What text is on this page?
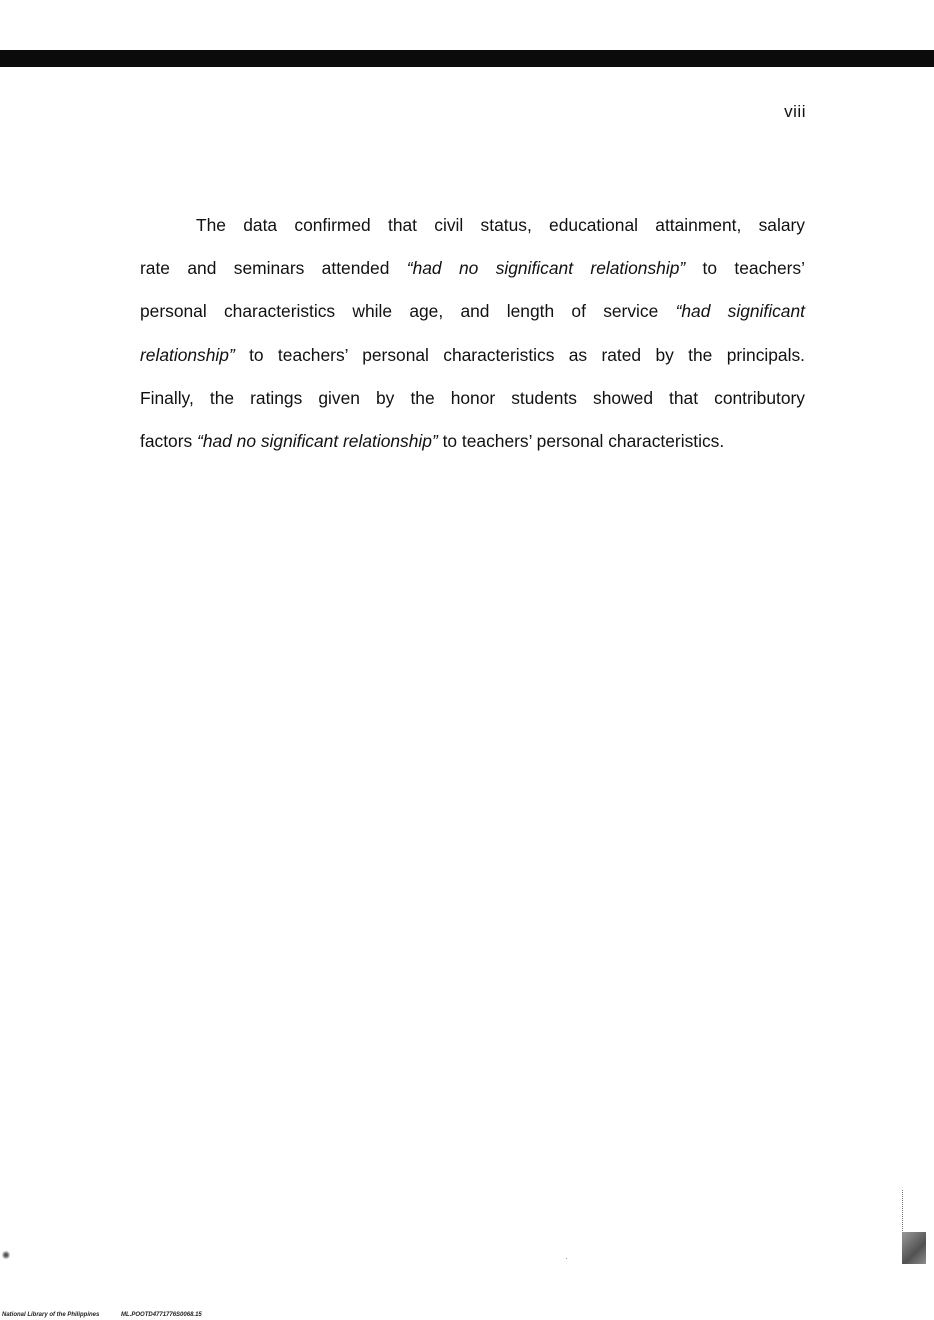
viii
The data confirmed that civil status, educational attainment, salary
rate and seminars attended “had no significant relationship” to teachers’
personal characteristics while age, and length of service “had significant
relationship” to teachers’ personal characteristics as rated by the principals.
Finally, the ratings given by the honor students showed that contributory
factors “had no significant relationship” to teachers’ personal characteristics.
National Library of the Philippines	ML.POOTD4771776S0068.15
